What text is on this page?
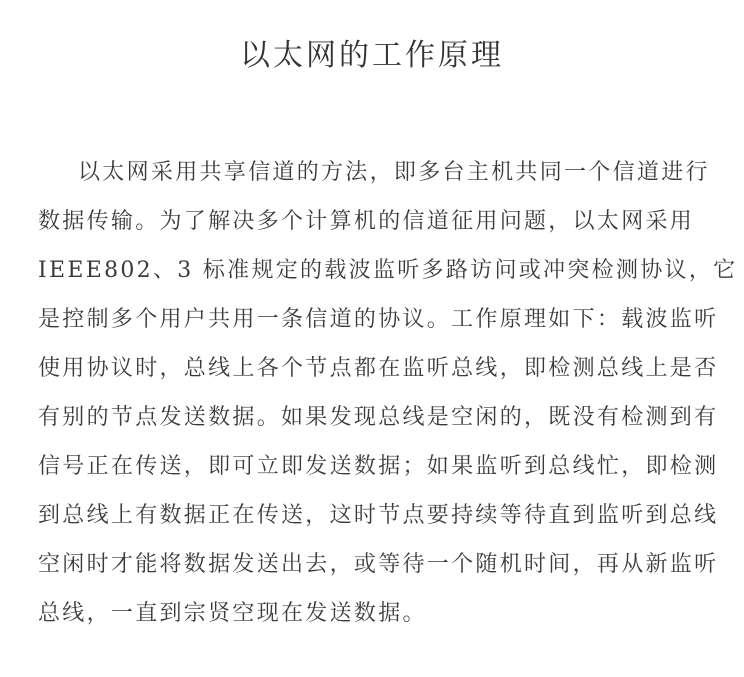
以太网的工作原理
以太网采用共享信道的方法，即多台主机共同一个信道进行
数据传输。为了解决多个计算机的信道征用问题，以太网采用
IEEE802、3 标准规定的载波监听多路访问或冲突检测协议，它
是控制多个用户共用一条信道的协议。工作原理如下：载波监听
使用协议时，总线上各个节点都在监听总线，即检测总线上是否
有别的节点发送数据。如果发现总线是空闲的，既没有检测到有
信号正在传送，即可立即发送数据；如果监听到总线忙，即检测
到总线上有数据正在传送，这时节点要持续等待直到监听到总线
空闲时才能将数据发送出去，或等待一个随机时间，再从新监听
总线，一直到宗贤空现在发送数据。
